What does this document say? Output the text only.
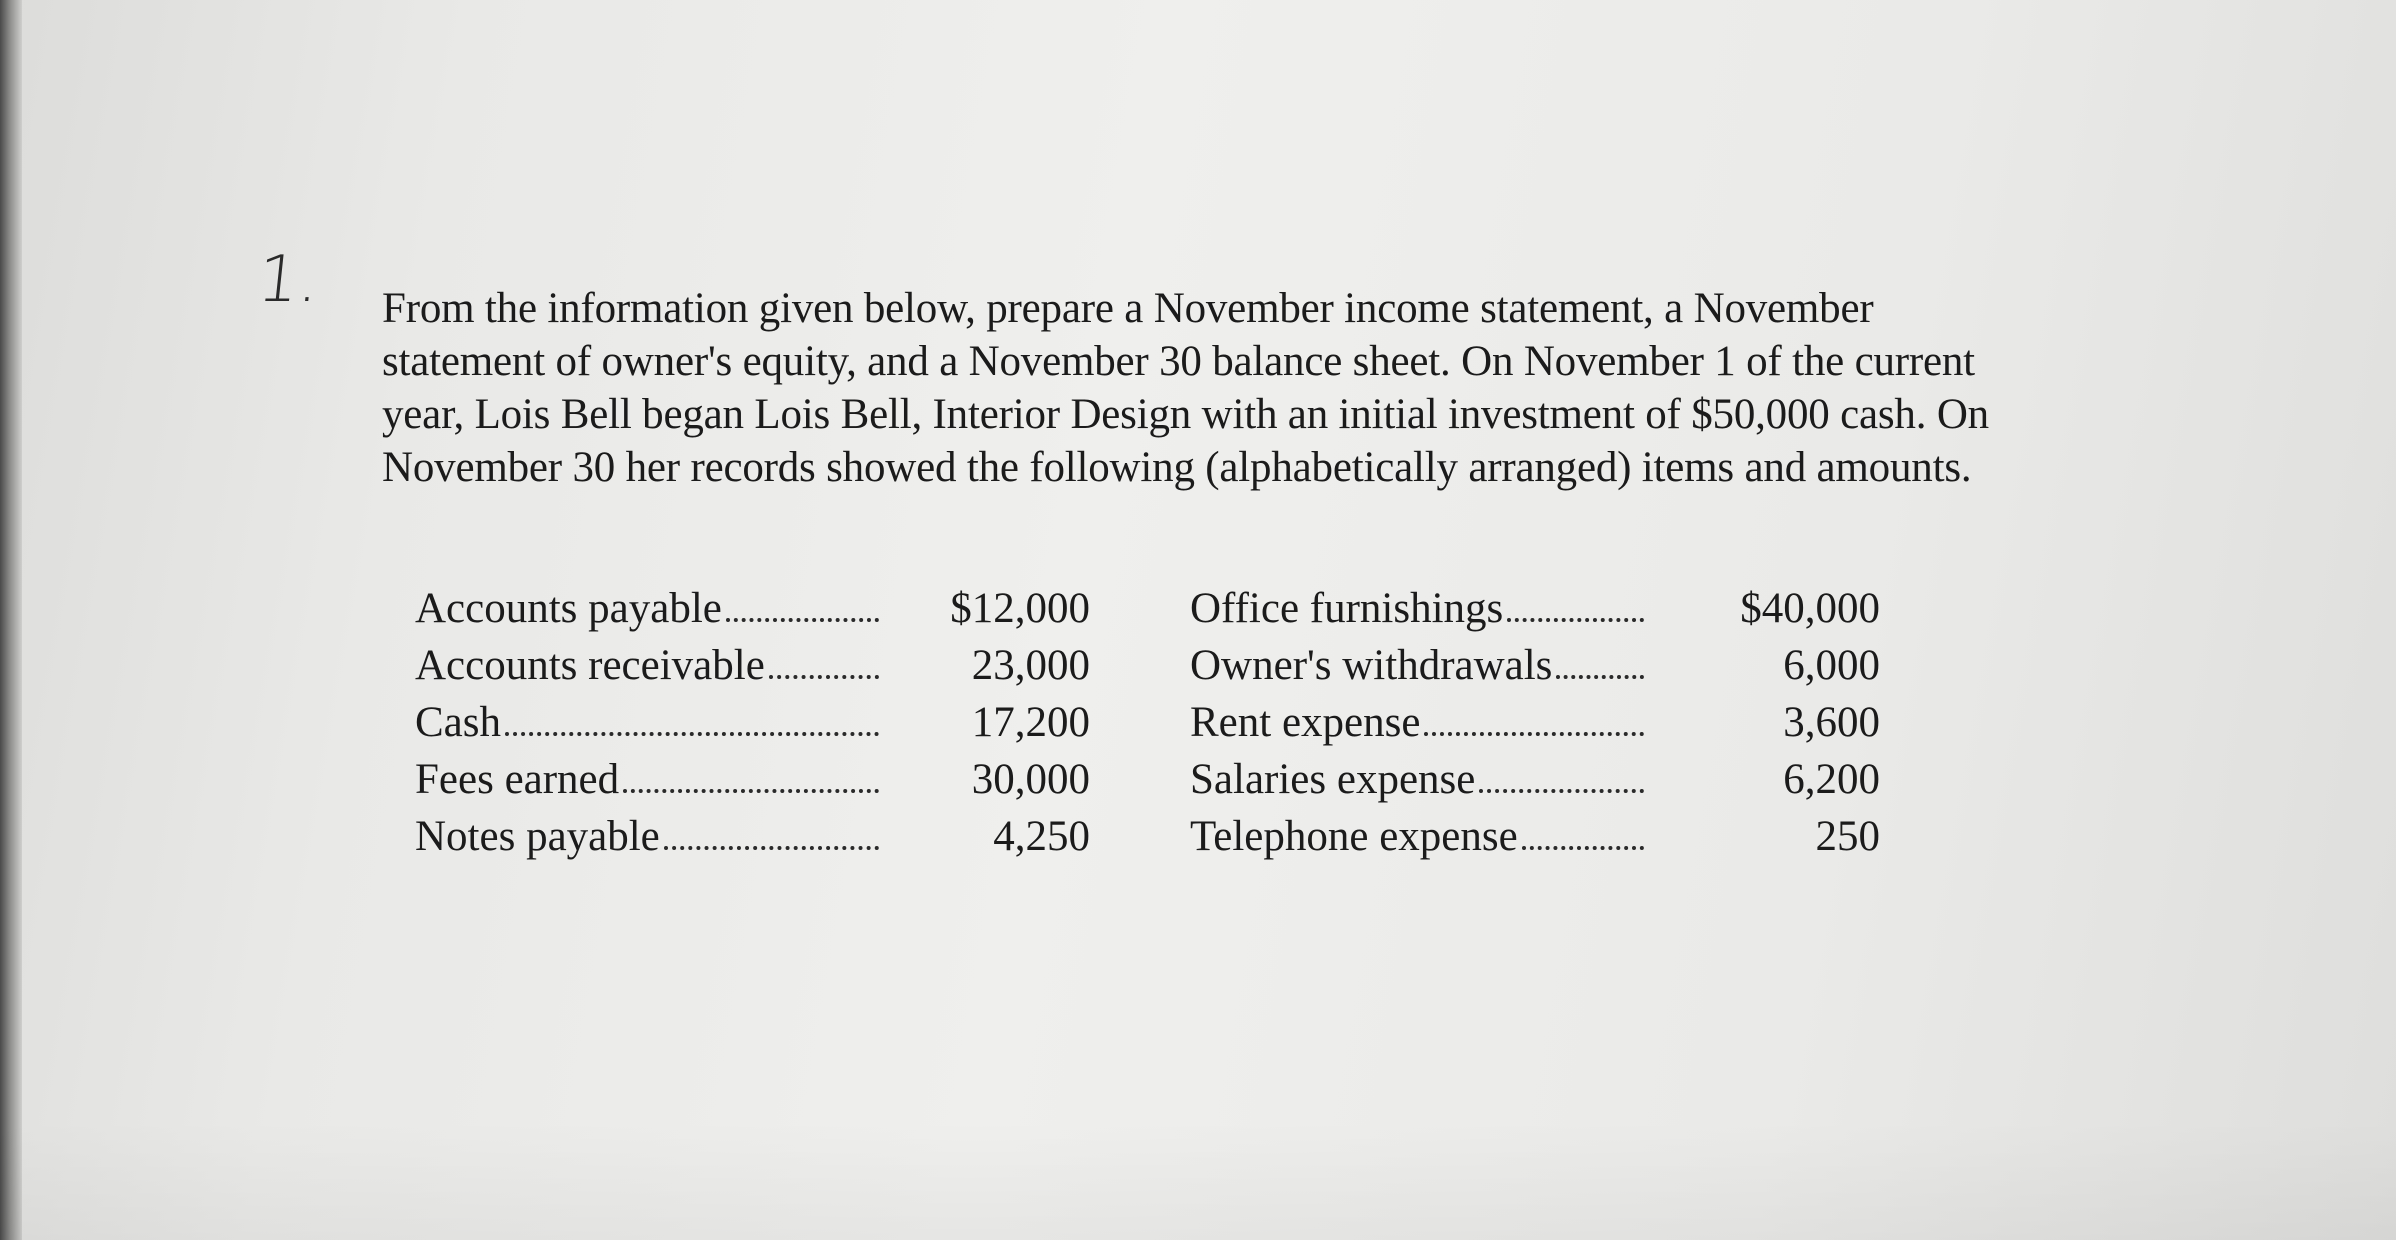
1. From the information given below, prepare a November income statement, a November
statement of owner's equity, and a November 30 balance sheet. On November 1 of the current
year, Lois Bell began Lois Bell, Interior Design with an initial investment of $50,000 cash. On
November 30 her records showed the following (alphabetically arranged) items and amounts.

Accounts payable	$12,000		Office furnishings	$40,000

Accounts receivable	23,000		Owner's withdrawals	6,000

Cash	17,200		Rent expense	3,600

Fees earned	30,000		Salaries expense	6,200

Notes payable	4,250		Telephone expense	250
